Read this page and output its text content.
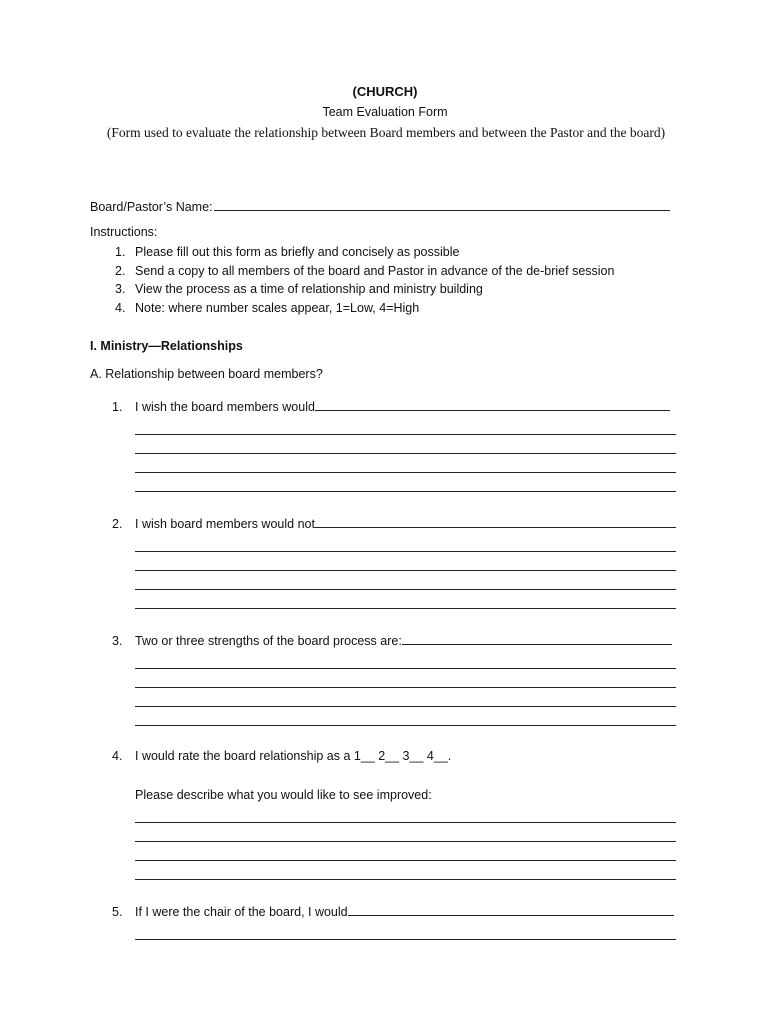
(CHURCH)
Team Evaluation Form
(Form used to evaluate the relationship between Board members and between the Pastor and the board)
Board/Pastor’s Name:
Instructions:
1. Please fill out this form as briefly and concisely as possible
2. Send a copy to all members of the board and Pastor in advance of the de-brief session
3. View the process as a time of relationship and ministry building
4. Note: where number scales appear, 1=Low, 4=High
I. Ministry—Relationships
A. Relationship between board members?
1.	I wish the board members would
2.	I wish board members would not
3.	Two or three strengths of the board process are:
4.	I would rate the board relationship as a 1__ 2__ 3__ 4__.
Please describe what you would like to see improved:
5.	If I were the chair of the board, I would
